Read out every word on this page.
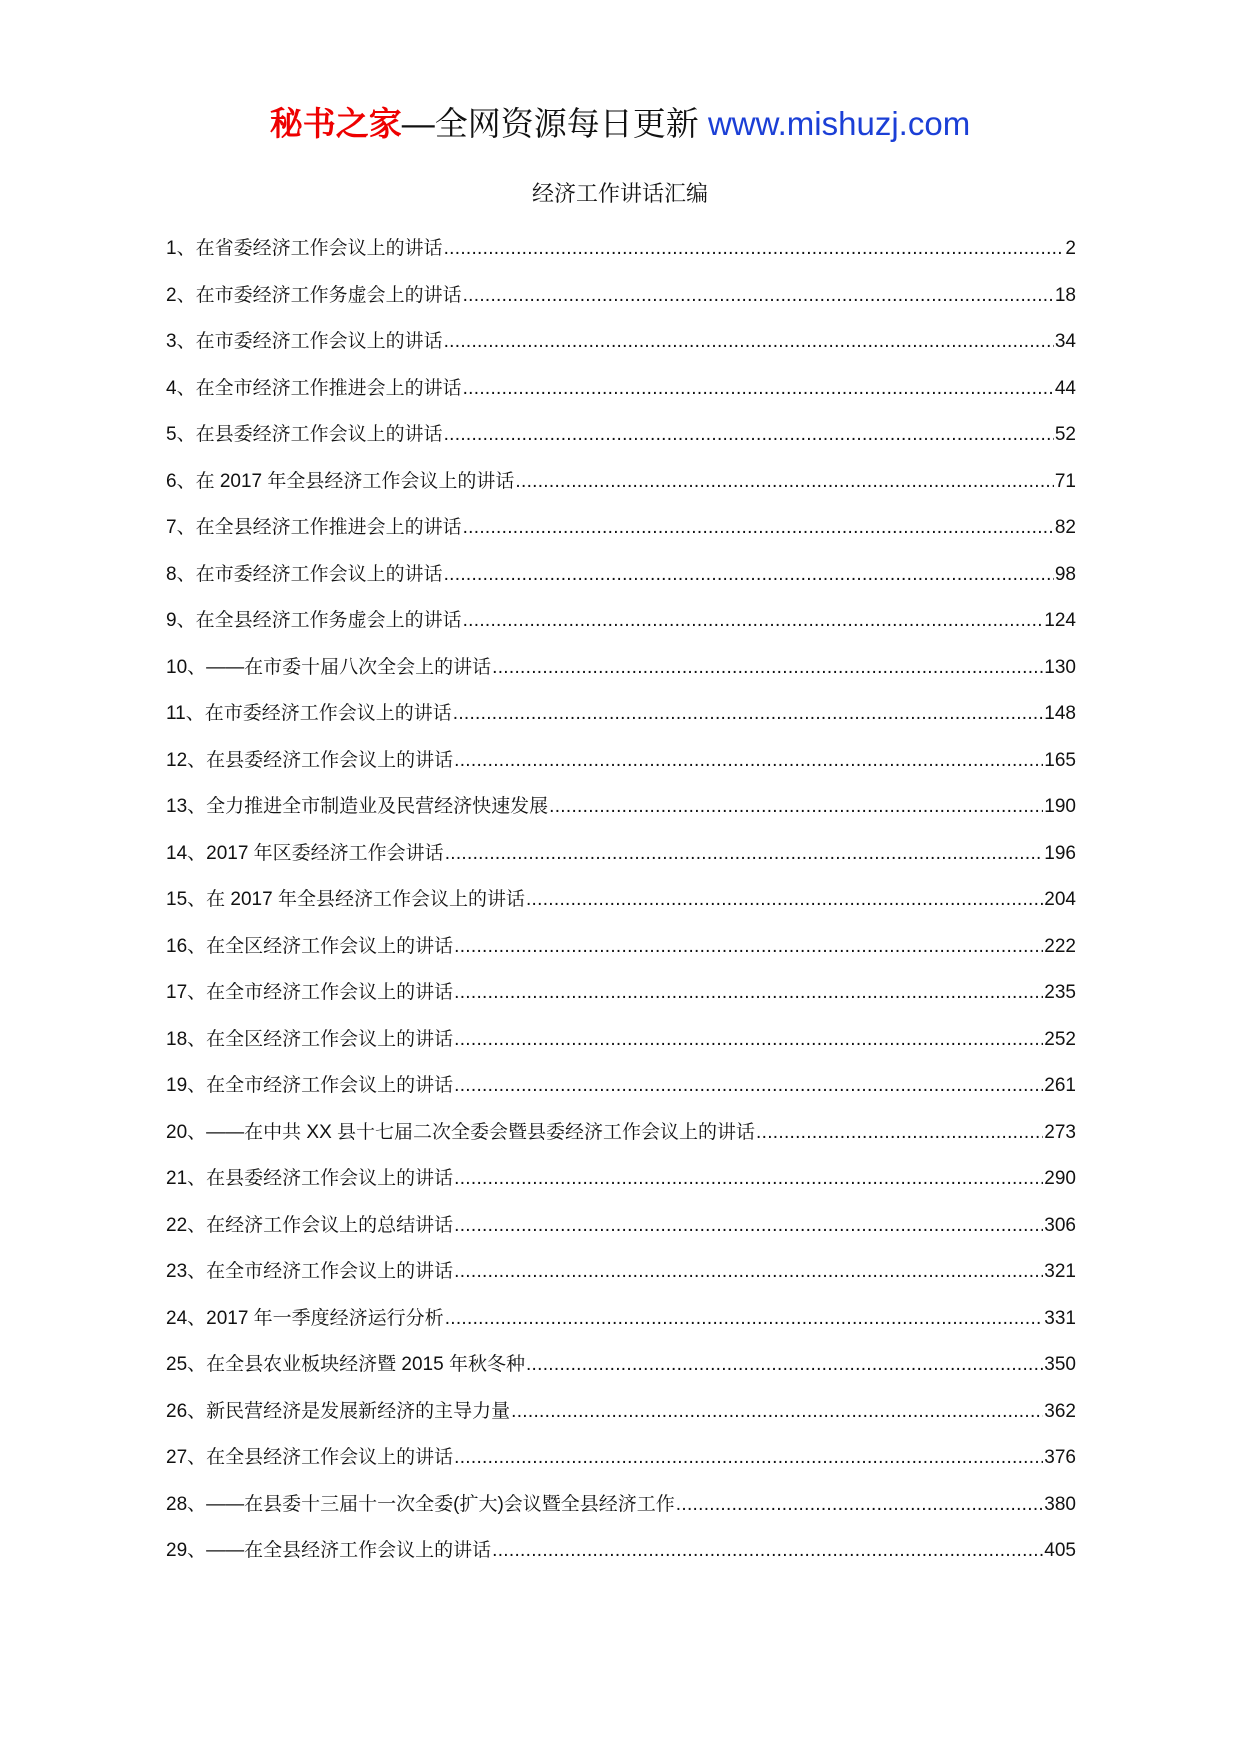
秘书之家—全网资源每日更新 www.mishuzj.com
经济工作讲话汇编
1、在省委经济工作会议上的讲话 .....	2
2、在市委经济工作务虚会上的讲话 .....	18
3、在市委经济工作会议上的讲话 .....	34
4、在全市经济工作推进会上的讲话 .....	44
5、在县委经济工作会议上的讲话 .....	52
6、在 2017 年全县经济工作会议上的讲话 .....	71
7、在全县经济工作推进会上的讲话 .....	82
8、在市委经济工作会议上的讲话 .....	98
9、在全县经济工作务虚会上的讲话 .....	124
10、——在市委十届八次全会上的讲话 .....	130
11、在市委经济工作会议上的讲话 .....	148
12、在县委经济工作会议上的讲话 .....	165
13、全力推进全市制造业及民营经济快速发展 .....	190
14、2017 年区委经济工作会讲话 .....	196
15、在 2017 年全县经济工作会议上的讲话 .....	204
16、在全区经济工作会议上的讲话 .....	222
17、在全市经济工作会议上的讲话 .....	235
18、在全区经济工作会议上的讲话 .....	252
19、在全市经济工作会议上的讲话 .....	261
20、——在中共 XX 县十七届二次全委会暨县委经济工作会议上的讲话 .....	273
21、在县委经济工作会议上的讲话 .....	290
22、在经济工作会议上的总结讲话 .....	306
23、在全市经济工作会议上的讲话 .....	321
24、2017 年一季度经济运行分析 .....	331
25、在全县农业板块经济暨 2015 年秋冬种 .....	350
26、新民营经济是发展新经济的主导力量 .....	362
27、在全县经济工作会议上的讲话 .....	376
28、——在县委十三届十一次全委(扩大)会议暨全县经济工作 .....	380
29、——在全县经济工作会议上的讲话 .....	405
